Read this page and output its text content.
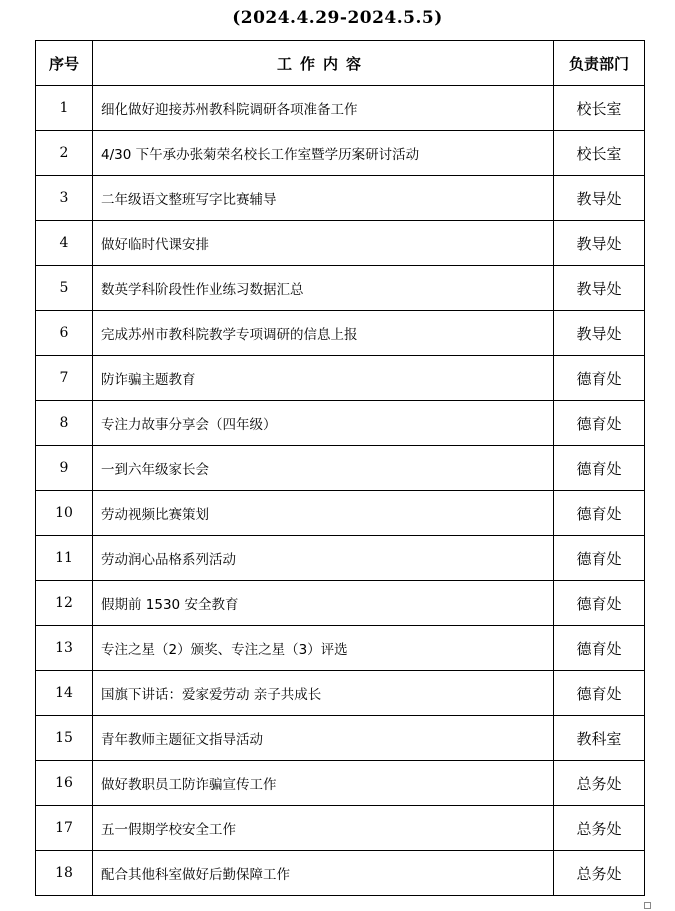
(2024.4.29-2024.5.5)
序号	工作内容	负责部门
1	细化做好迎接苏州教科院调研各项准备工作	校长室
2	4/30 下午承办张菊荣名校长工作室暨学历案研讨活动	校长室
3	二年级语文整班写字比赛辅导	教导处
4	做好临时代课安排	教导处
5	数英学科阶段性作业练习数据汇总	教导处
6	完成苏州市教科院教学专项调研的信息上报	教导处
7	防诈骗主题教育	德育处
8	专注力故事分享会（四年级）	德育处
9	一到六年级家长会	德育处
10	劳动视频比赛策划	德育处
11	劳动润心品格系列活动	德育处
12	假期前 1530 安全教育	德育处
13	专注之星（2）颁奖、专注之星（3）评选	德育处
14	国旗下讲话：爱家爱劳动 亲子共成长	德育处
15	青年教师主题征文指导活动	教科室
16	做好教职员工防诈骗宣传工作	总务处
17	五一假期学校安全工作	总务处
18	配合其他科室做好后勤保障工作	总务处
